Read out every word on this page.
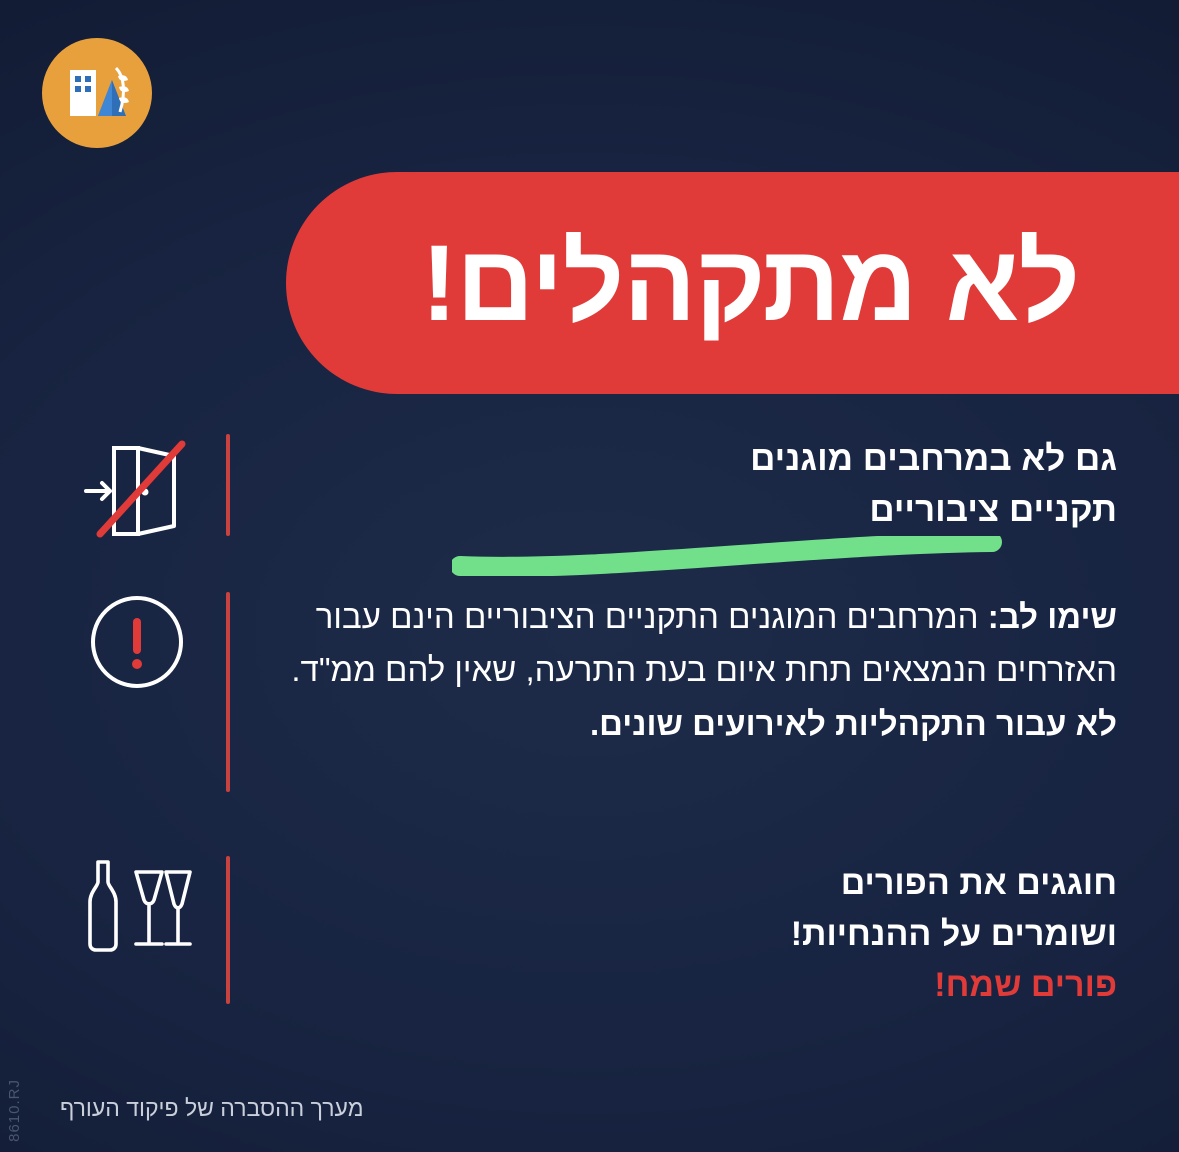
לא מתקהלים!
גם לא במרחבים מוגנים
תקניים ציבוריים

שימו לב: המרחבים המוגנים התקניים הציבוריים הינם עבור האזרחים הנמצאים תחת איום בעת התרעה, שאין להם ממ"ד.

לא עבור התקהליות לאירועים שונים.

חוגגים את הפורים
ושומרים על ההנחיות!
פורים שמח!
מערך ההסברה של פיקוד העורף
8610.RJ
